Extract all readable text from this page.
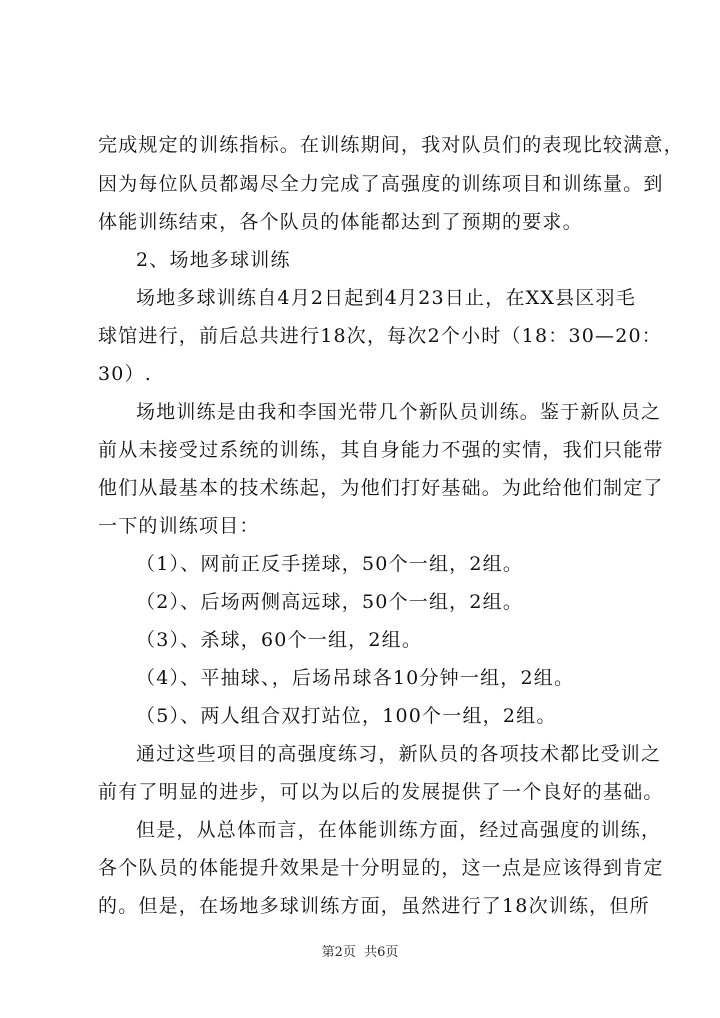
完成规定的训练指标。在训练期间，我对队员们的表现比较满意，
因为每位队员都竭尽全力完成了高强度的训练项目和训练量。到
体能训练结束，各个队员的体能都达到了预期的要求。
2、场地多球训练
场地多球训练自4月2日起到4月23日止，在XX县区羽毛
球馆进行，前后总共进行18次，每次2个小时（18：30—20：
30）.
场地训练是由我和李国光带几个新队员训练。鉴于新队员之
前从未接受过系统的训练，其自身能力不强的实情，我们只能带
他们从最基本的技术练起，为他们打好基础。为此给他们制定了
一下的训练项目：
（1）、网前正反手搓球，50个一组，2组。
（2）、后场两侧高远球，50个一组，2组。
（3）、杀球，60个一组，2组。
（4）、平抽球、，后场吊球各10分钟一组，2组。
（5）、两人组合双打站位，100个一组，2组。
通过这些项目的高强度练习，新队员的各项技术都比受训之
前有了明显的进步，可以为以后的发展提供了一个良好的基础。
但是，从总体而言，在体能训练方面，经过高强度的训练，
各个队员的体能提升效果是十分明显的，这一点是应该得到肯定
的。但是，在场地多球训练方面，虽然进行了18次训练，但所
第2页 共6页
